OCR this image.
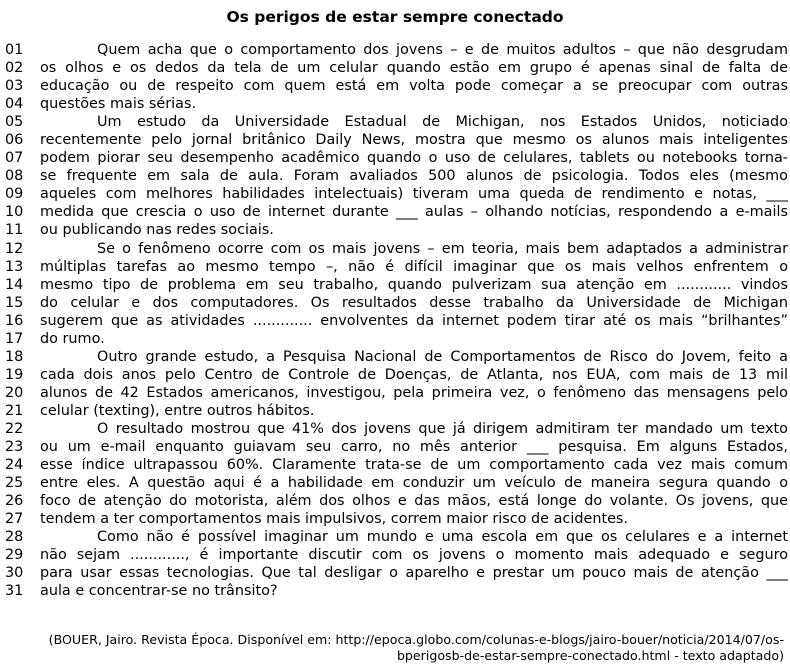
Os perigos de estar sempre conectado
01	Quem acha que o comportamento dos jovens – e de muitos adultos – que não desgrudam
02	os olhos e os dedos da tela de um celular quando estão em grupo é apenas sinal de falta de
03	educação ou de respeito com quem está em volta pode começar a se preocupar com outras
04	questões mais sérias.
05	Um estudo da Universidade Estadual de Michigan, nos Estados Unidos, noticiado
06	recentemente pelo jornal britânico Daily News, mostra que mesmo os alunos mais inteligentes
07	podem piorar seu desempenho acadêmico quando o uso de celulares, tablets ou notebooks torna-
08	se frequente em sala de aula. Foram avaliados 500 alunos de psicologia. Todos eles (mesmo
09	aqueles com melhores habilidades intelectuais) tiveram uma queda de rendimento e notas, ___
10	medida que crescia o uso de internet durante ___ aulas – olhando notícias, respondendo a e-mails
11	ou publicando nas redes sociais.
12	Se o fenômeno ocorre com os mais jovens – em teoria, mais bem adaptados a administrar
13	múltiplas tarefas ao mesmo tempo –, não é difícil imaginar que os mais velhos enfrentem o
14	mesmo tipo de problema em seu trabalho, quando pulverizam sua atenção em ............ vindos
15	do celular e dos computadores. Os resultados desse trabalho da Universidade de Michigan
16	sugerem que as atividades ............. envolventes da internet podem tirar até os mais “brilhantes”
17	do rumo.
18	Outro grande estudo, a Pesquisa Nacional de Comportamentos de Risco do Jovem, feito a
19	cada dois anos pelo Centro de Controle de Doenças, de Atlanta, nos EUA, com mais de 13 mil
20	alunos de 42 Estados americanos, investigou, pela primeira vez, o fenômeno das mensagens pelo
21	celular (texting), entre outros hábitos.
22	O resultado mostrou que 41% dos jovens que já dirigem admitiram ter mandado um texto
23	ou um e-mail enquanto guiavam seu carro, no mês anterior ___ pesquisa. Em alguns Estados,
24	esse índice ultrapassou 60%. Claramente trata-se de um comportamento cada vez mais comum
25	entre eles. A questão aqui é a habilidade em conduzir um veículo de maneira segura quando o
26	foco de atenção do motorista, além dos olhos e das mãos, está longe do volante. Os jovens, que
27	tendem a ter comportamentos mais impulsivos, correm maior risco de acidentes.
28	Como não é possível imaginar um mundo e uma escola em que os celulares e a internet
29	não sejam ............, é importante discutir com os jovens o momento mais adequado e seguro
30	para usar essas tecnologias. Que tal desligar o aparelho e prestar um pouco mais de atenção ___
31	aula e concentrar-se no trânsito?
(BOUER, Jairo. Revista Época. Disponível em: http://epoca.globo.com/colunas-e-blogs/jairo-bouer/noticia/2014/07/os-
bperigosb-de-estar-sempre-conectado.html - texto adaptado)
